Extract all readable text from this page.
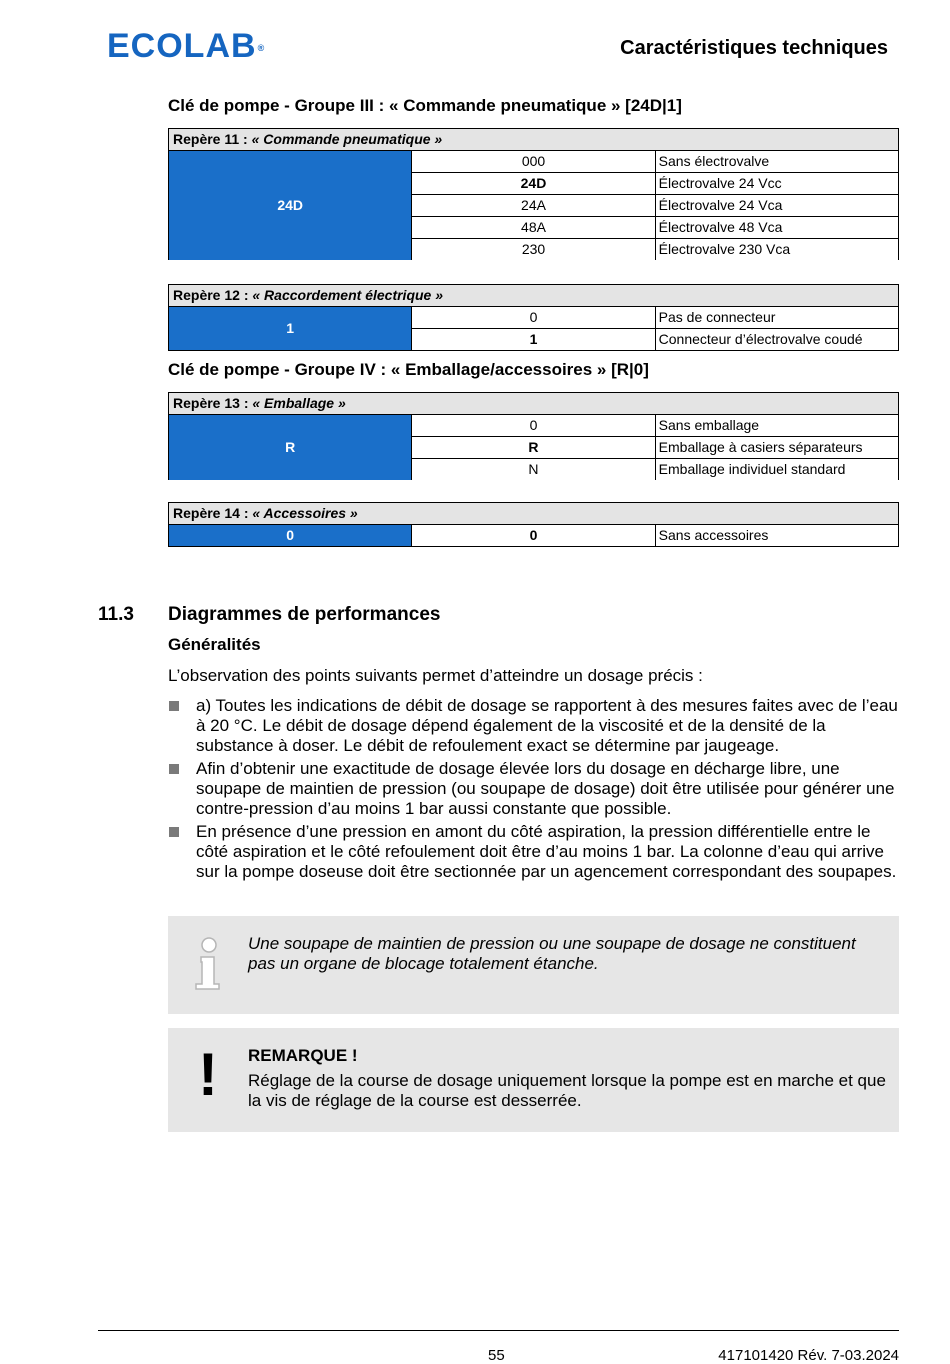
ECOLAB®	Caractéristiques techniques
Clé de pompe - Groupe III : « Commande pneumatique » [24D|1]
Repère 11 : « Commande pneumatique »		
24D	000	Sans électrovalve
	24D	Électrovalve 24 Vcc
	24A	Électrovalve 24 Vca
	48A	Électrovalve 48 Vca
	230	Électrovalve 230 Vca
Repère 12 : « Raccordement électrique »		
1	0	Pas de connecteur
	1	Connecteur d’électrovalve coudé
Clé de pompe - Groupe IV : « Emballage/accessoires » [R|0]
Repère 13 : « Emballage »		
R	0	Sans emballage
	R	Emballage à casiers séparateurs
	N	Emballage individuel standard
Repère 14 : « Accessoires »
0	0	Sans accessoires
11.3 Diagrammes de performances
Généralités
L’observation des points suivants permet d’atteindre un dosage précis :
a) Toutes les indications de débit de dosage se rapportent à des mesures faites avec de l’eau à 20 °C. Le débit de dosage dépend également de la viscosité et de la densité de la substance à doser. Le débit de refoulement exact se détermine par jaugeage.
Afin d’obtenir une exactitude de dosage élevée lors du dosage en décharge libre, une soupape de maintien de pression (ou soupape de dosage) doit être utilisée pour générer une contre-pression d’au moins 1 bar aussi constante que possible.
En présence d’une pression en amont du côté aspiration, la pression différentielle entre le côté aspiration et le côté refoulement doit être d’au moins 1 bar. La colonne d’eau qui arrive sur la pompe doseuse doit être sectionnée par un agencement correspondant des soupapes.
Une soupape de maintien de pression ou une soupape de dosage ne constituent pas un organe de blocage totalement étanche.
! REMARQUE !
Réglage de la course de dosage uniquement lorsque la pompe est en marche et que la vis de réglage de la course est desserrée.
55	417101420 Rév. 7-03.2024
